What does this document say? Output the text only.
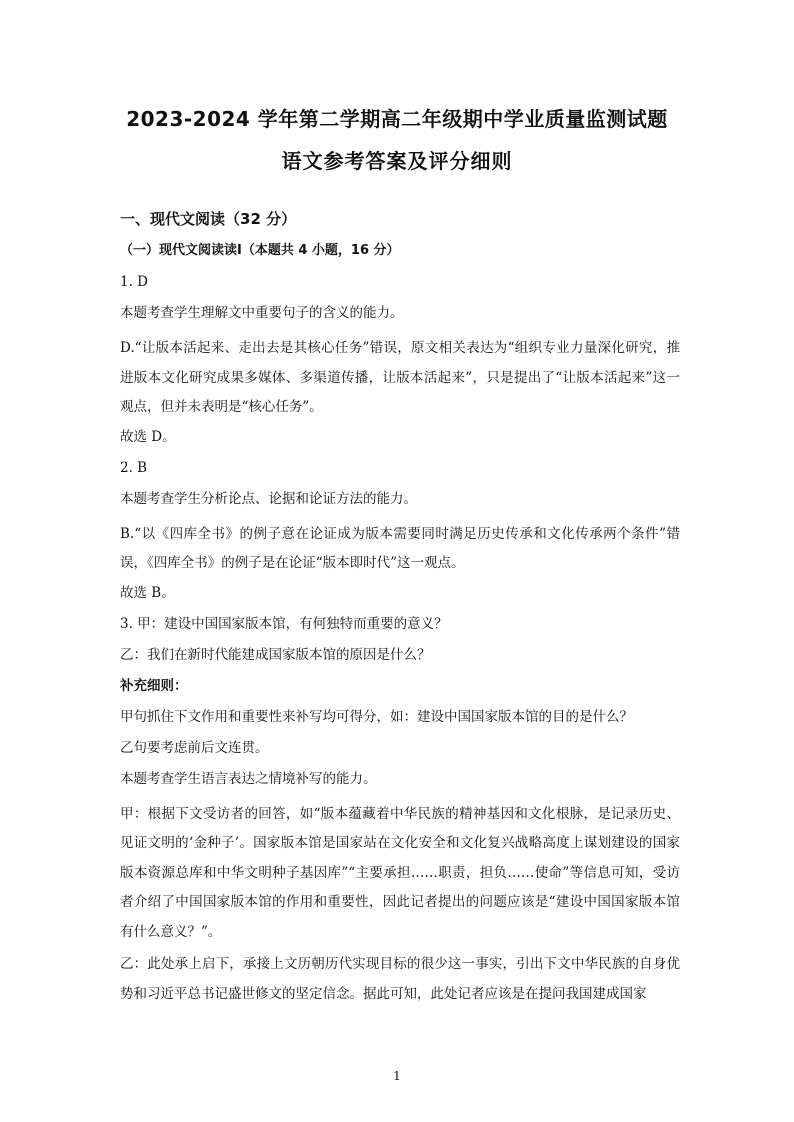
2023-2024 学年第二学期高二年级期中学业质量监测试题
语文参考答案及评分细则
一、现代文阅读（32 分）
（一）现代文阅读读Ⅰ（本题共 4 小题，16 分）
1. D
本题考查学生理解文中重要句子的含义的能力。
D.“让版本活起来、走出去是其核心任务”错误，原文相关表达为“组织专业力量深化研究，推进版本文化研究成果多媒体、多渠道传播，让版本活起来”，只是提出了“让版本活起来”这一观点，但并未表明是“核心任务”。
故选 D。
2. B
本题考查学生分析论点、论据和论证方法的能力。
B.“以《四库全书》的例子意在论证成为版本需要同时满足历史传承和文化传承两个条件”错误，《四库全书》的例子是在论证“版本即时代”这一观点。
故选 B。
3. 甲：建设中国国家版本馆，有何独特而重要的意义？
乙：我们在新时代能建成国家版本馆的原因是什么？
补充细则：
甲句抓住下文作用和重要性来补写均可得分，如：建设中国国家版本馆的目的是什么？
乙句要考虑前后文连贯。
本题考查学生语言表达之情境补写的能力。
甲：根据下文受访者的回答，如“版本蕴藏着中华民族的精神基因和文化根脉，是记录历史、见证文明的‘金种子’。国家版本馆是国家站在文化安全和文化复兴战略高度上谋划建设的国家版本资源总库和中华文明种子基因库”“主要承担……职责，担负……使命”等信息可知，受访者介绍了中国国家版本馆的作用和重要性，因此记者提出的问题应该是“建设中国国家版本馆有什么意义？”。
乙：此处承上启下，承接上文历朝历代实现目标的很少这一事实，引出下文中华民族的自身优势和习近平总书记盛世修文的坚定信念。据此可知，此处记者应该是在提问我国建成国家
1
